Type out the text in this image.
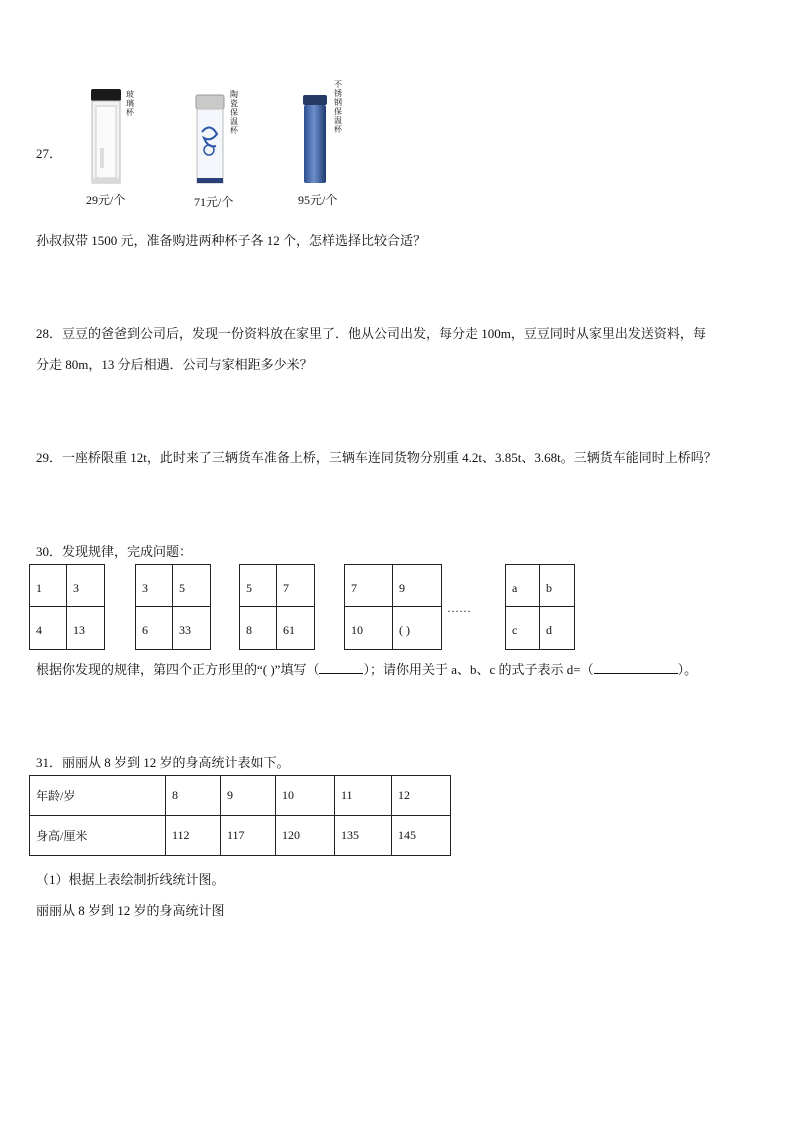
27．
玻璃杯
29元/个
陶瓷保温杯
71元/个
不锈钢保温杯
95元/个
孙叔叔带 1500 元，准备购进两种杯子各 12 个，怎样选择比较合适？
28．豆豆的爸爸到公司后，发现一份资料放在家里了．他从公司出发，每分走 100m，豆豆同时从家里出发送资料，每
分走 80m，13 分后相遇．公司与家相距多少米？
29．一座桥限重 12t，此时来了三辆货车准备上桥，三辆车连同货物分别重 4.2t、3.85t、3.68t。三辆货车能同时上桥吗？
30．发现规律，完成问题：
1	3
4	13
3	5
6	33
5	7
8	61
7	9
10	( )
……
a	b
c	d
根据你发现的规律，第四个正方形里的“( )”填写（	）；请你用关于 a、b、c 的式子表示 d=（	）。
31．丽丽从 8 岁到 12 岁的身高统计表如下。
年龄/岁	8	9	10	11	12
身高/厘米	112	117	120	135	145
（1）根据上表绘制折线统计图。
丽丽从 8 岁到 12 岁的身高统计图
